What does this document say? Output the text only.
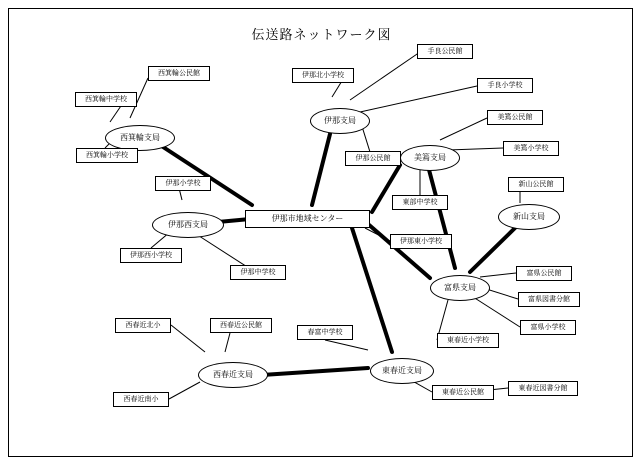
伝送路ネットワーク図
伊那市地域センター
西箕輪支局
伊那西支局
伊那支局
美篶支局
新山支局
富県支局
西春近支局	東春近支局
西箕輪公民館
西箕輪中学校
西箕輪小学校
伊那北小学校
手良公民館
手良小学校
美篶公民館
美篶小学校
伊那公民館
東部中学校
新山公民館
伊那小学校
伊那東小学校
伊那西小学校
伊那中学校	富県公民館
富県図書分館
富県小学校
西春近北小	西春近公民館
春富中学校
東春近小学校
東春近公民館
東春近図書分館
西春近南小
